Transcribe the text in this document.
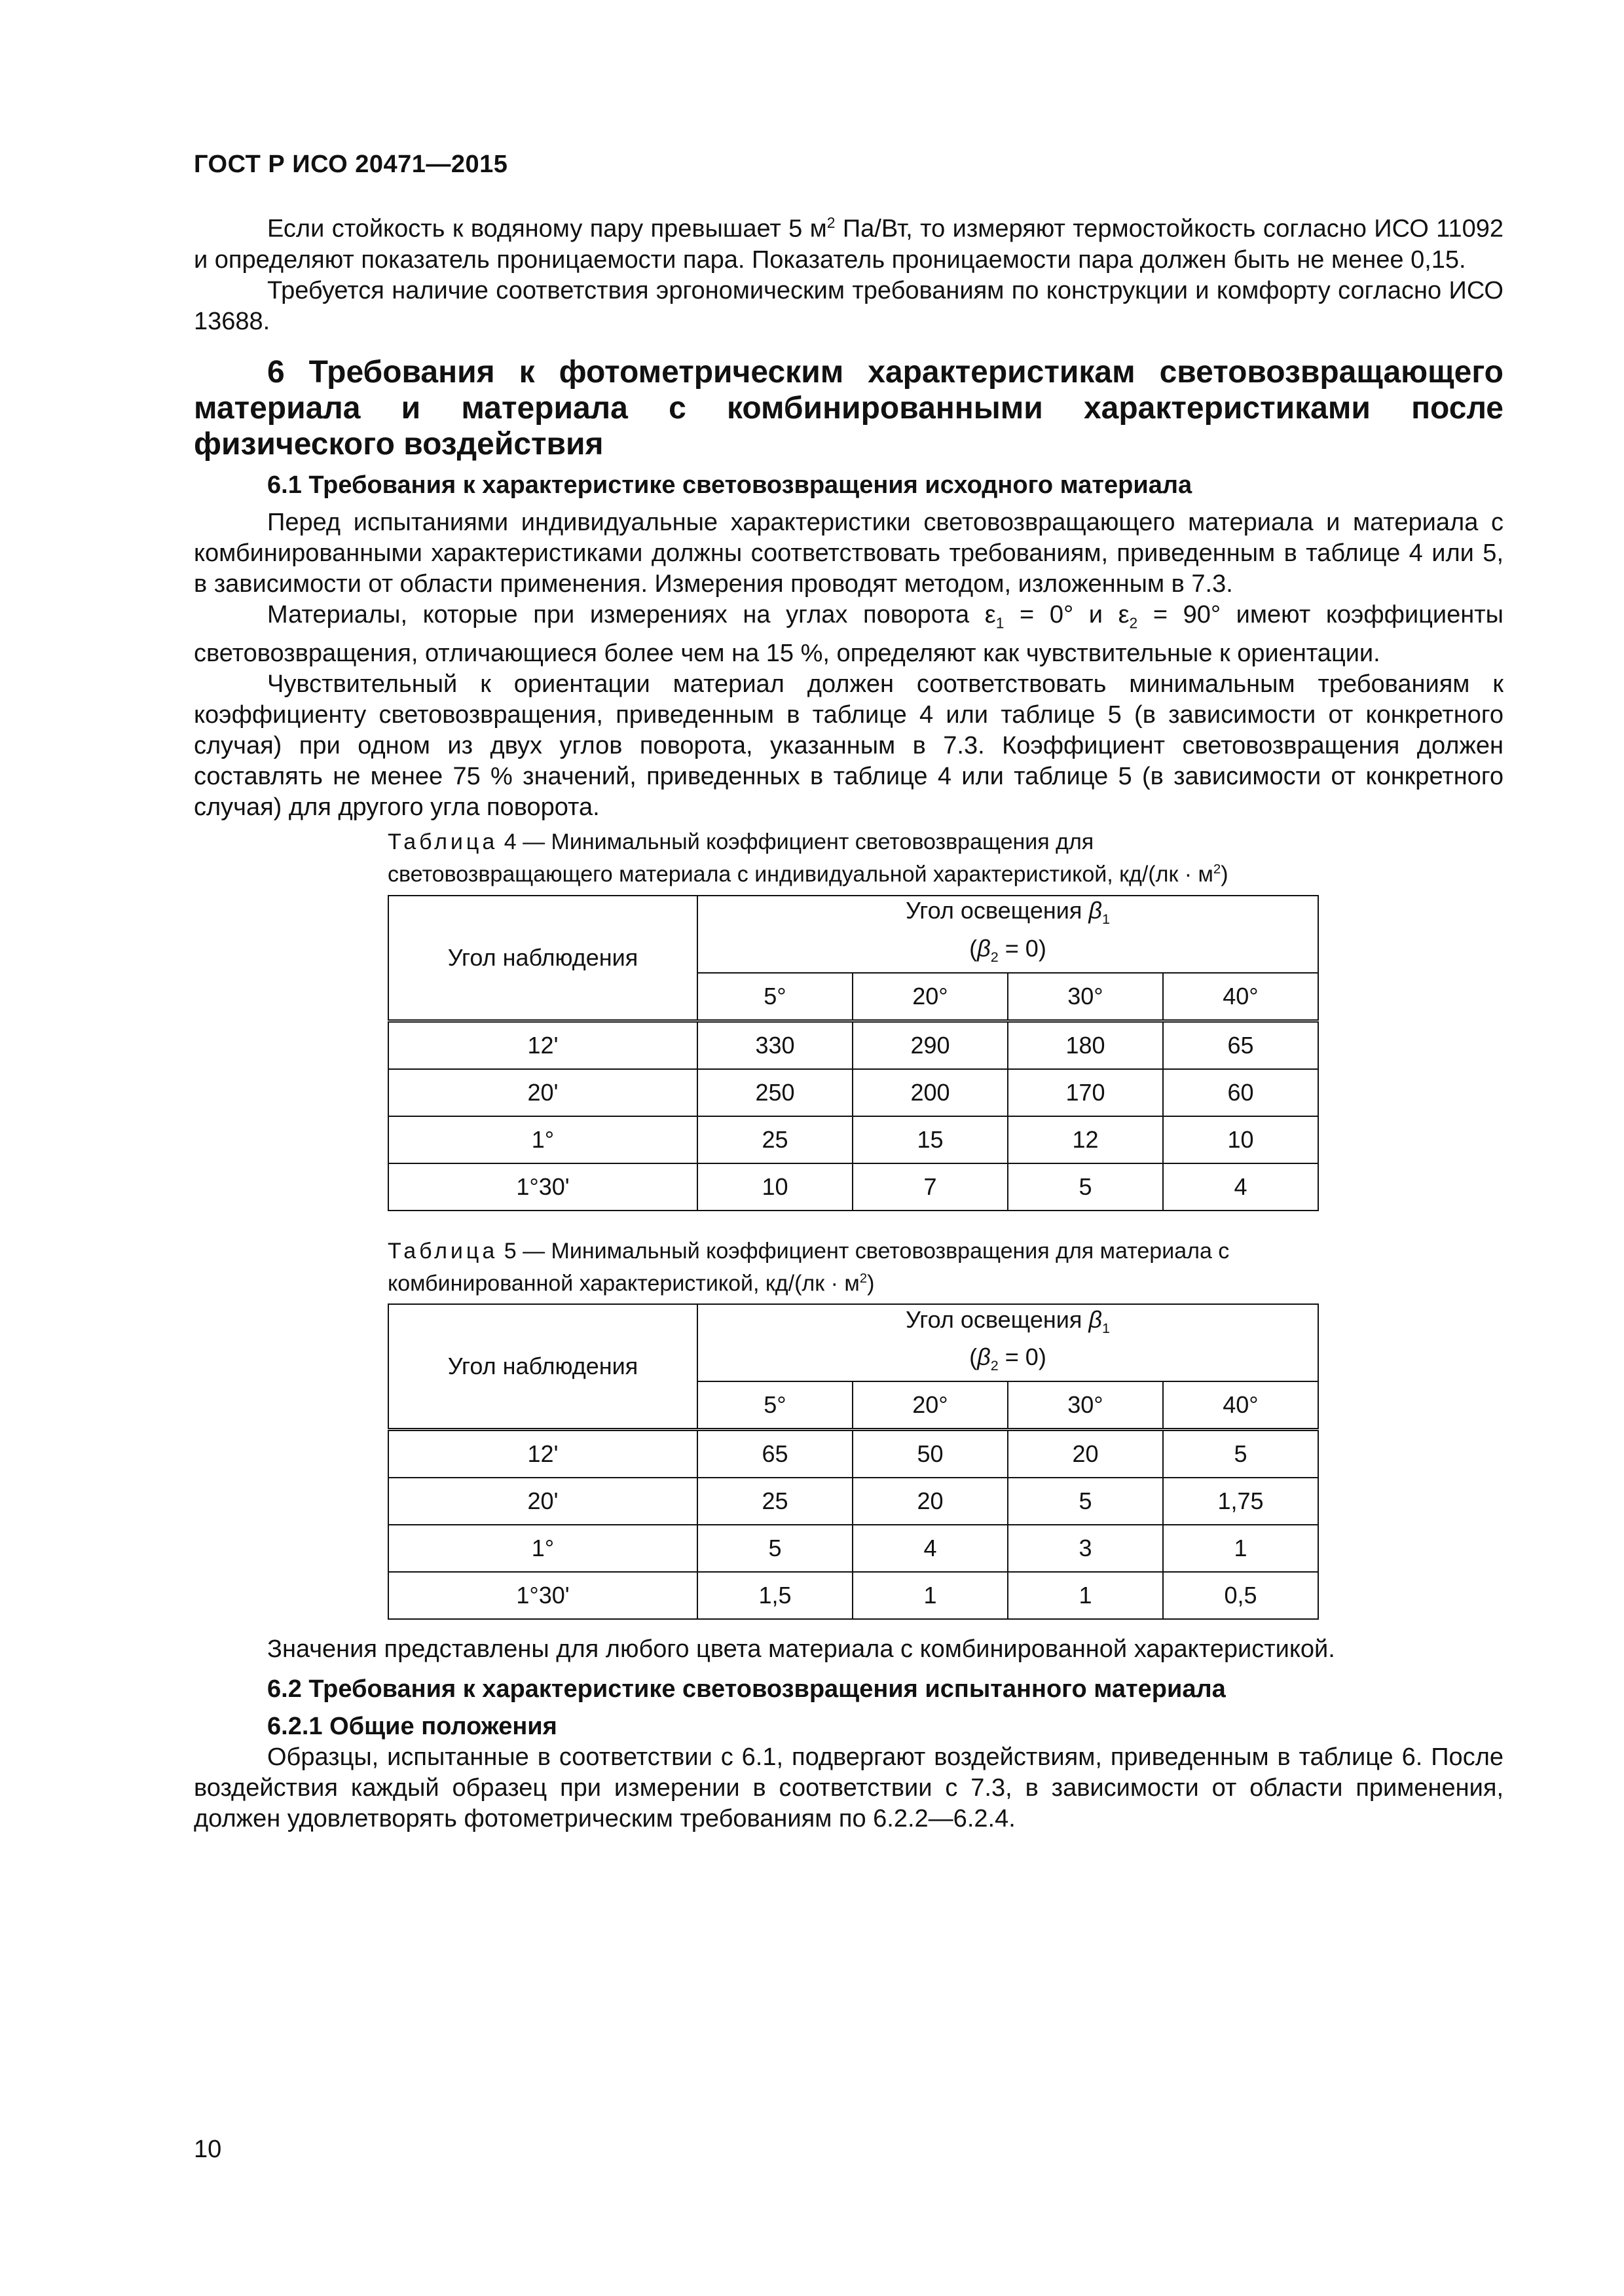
ГОСТ Р ИСО 20471—2015

Если стойкость к водяному пару превышает 5 $м^2$ Па/Вт, то измеряют термостойкость согласно ИСО 11092 и определяют показатель проницаемости пара. Показатель проницаемости пара должен быть не менее 0,15.

Требуется наличие соответствия эргономическим требованиям по конструкции и комфорту согласно ИСО 13688.

6 Требования к фотометрическим характеристикам световозвращающего материала и материала с комбинированными характеристиками после физического воздействия
6.1 Требования к характеристике световозвращения исходного материала

Перед испытаниями индивидуальные характеристики световозвращающего материала и материала с комбинированными характеристиками должны соответствовать требованиям, приведенным в таблице 4 или 5, в зависимости от области применения. Измерения проводят методом, изложенным в 7.3.

Материалы, которые при измерениях на углах поворота $\varepsilon_1 = 0^\circ$ и $\varepsilon_2 = 90^\circ$ имеют коэффициенты световозвращения, отличающиеся более чем на 15 %, определяют как чувствительные к ориентации.

Чувствительный к ориентации материал должен соответствовать минимальным требованиям к коэффициенту световозвращения, приведенным в таблице 4 или таблице 5 (в зависимости от конкретного случая) при одном из двух углов поворота, указанным в 7.3. Коэффициент световозвращения должен составлять не менее 75 % значений, приведенных в таблице 4 или таблице 5 (в зависимости от конкретного случая) для другого угла поворота.

Таблица 4 — Минимальный коэффициент световозвращения для световозвращающего материала с индивидуальной характеристикой, $кд/(лк \cdot м^2)$
Угол наблюдения	Угол освещения $\beta_1$
$(\beta_2 = 0)$			
	5°	20°	30°	40°
12'	330	290	180	65
20'	250	200	170	60
1°	25	15	12	10
1°30'	10	7	5	4
Таблица 5 — Минимальный коэффициент световозвращения для материала с комбинированной характеристикой, $кд/(лк \cdot м^2)$
Угол наблюдения	Угол освещения $\beta_1$
$(\beta_2 = 0)$			
	5°	20°	30°	40°
12'	65	50	20	5
20'	25	20	5	1,75
1°	5	4	3	1
1°30'	1,5	1	1	0,5

Значения представлены для любого цвета материала с комбинированной характеристикой.

6.2 Требования к характеристике световозвращения испытанного материала
6.2.1 Общие положения

Образцы, испытанные в соответствии с 6.1, подвергают воздействиям, приведенным в таблице 6. После воздействия каждый образец при измерении в соответствии с 7.3, в зависимости от области применения, должен удовлетворять фотометрическим требованиям по 6.2.2—6.2.4.

10
